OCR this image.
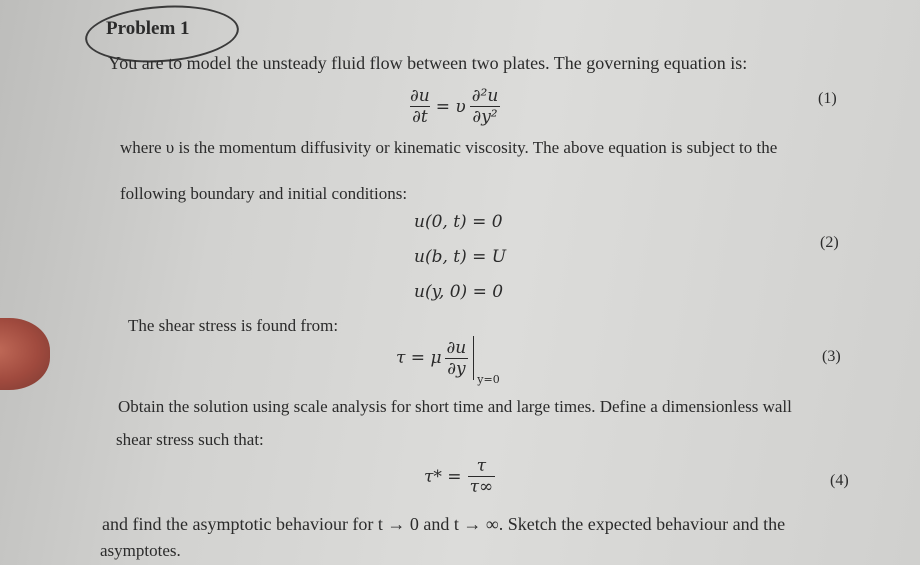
Problem 1
You are to model the unsteady fluid flow between two plates. The governing equation is:
$\frac{\partial u}{\partial t} = \upsilon \frac{\text{∂²u}}{\text{∂y²}}$	(1)
where υ is the momentum diffusivity or kinematic viscosity. The above equation is subject to the
following boundary and initial conditions:
u(0, t) = 0
u(b, t) = U
u(y, 0) = 0
(2)
The shear stress is found from:
τ = μ $\frac{\partial u}{\partial y}$
y=0
(3)
Obtain the solution using scale analysis for short time and large times. Define a dimensionless wall
shear stress such that:
$\tau* = \frac{\tau}{\tau\infty}$	(4)
and find the asymptotic behaviour for t → 0 and t → ∞. Sketch the expected behaviour and the
asymptotes.
